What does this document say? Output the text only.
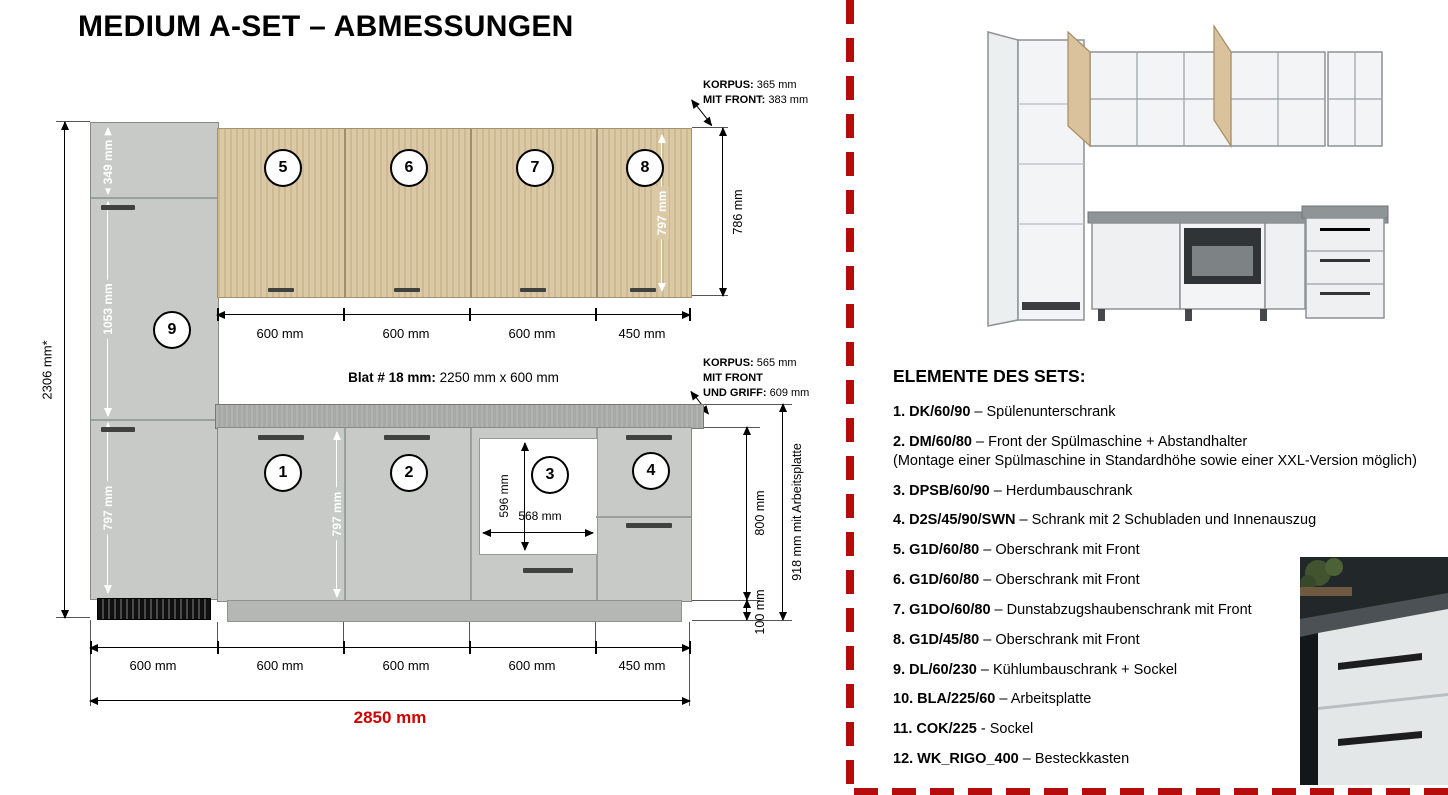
MEDIUM A-SET – ABMESSUNGEN
9
349 mm
1053 mm
797 mm
2306 mm*
5	6	7	8
797 mm	786 mm
KORPUS: 365 mm
MIT FRONT: 383 mm
600 mm	600 mm	600 mm	450 mm
Blat # 18 mm: 2250 mm x 600 mm
KORPUS: 565 mm
MIT FRONT
UND GRIFF: 609 mm
1	2	3	4
596 mm 568 mm
797 mm	800 mm
100 mm
918 mm mit Arbeitsplatte
600 mm	600 mm	600 mm	600 mm	450 mm
2850 mm
ELEMENTE DES SETS:
1. DK/60/90 – Spülenunterschrank
2. DM/60/80 – Front der Spülmaschine + Abstandhalter
(Montage einer Spülmaschine in Standardhöhe sowie einer XXL-Version möglich)
3. DPSB/60/90 – Herdumbauschrank
4. D2S/45/90/SWN – Schrank mit 2 Schubladen und Innenauszug
5. G1D/60/80 – Oberschrank mit Front
6. G1D/60/80 – Oberschrank mit Front
7. G1DO/60/80 – Dunstabzugshaubenschrank mit Front
8. G1D/45/80 – Oberschrank mit Front
9. DL/60/230 – Kühlumbauschrank + Sockel
10. BLA/225/60 – Arbeitsplatte
11. COK/225 - Sockel
12. WK_RIGO_400 – Besteckkasten
